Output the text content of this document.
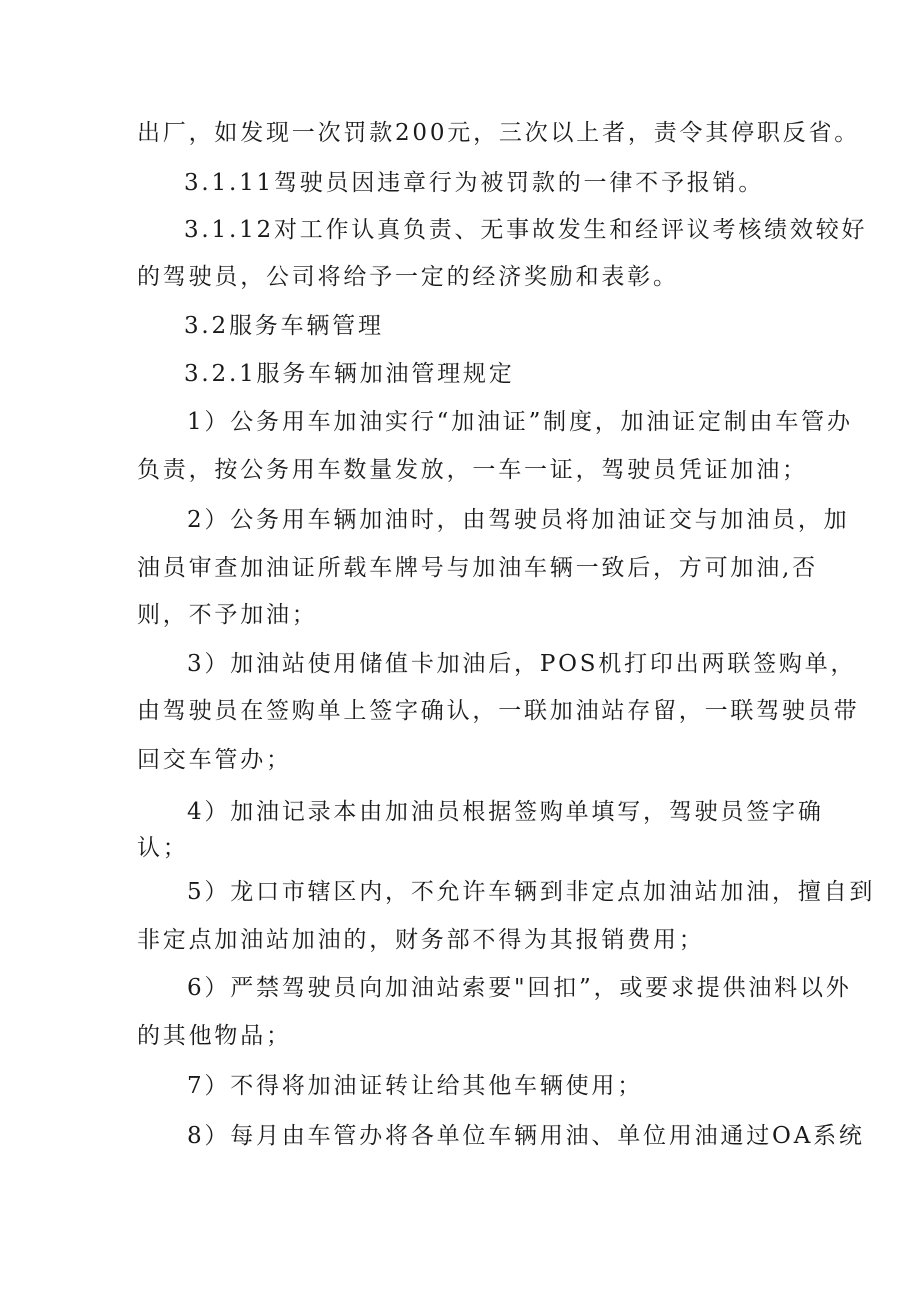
出厂，如发现一次罚款200元，三次以上者，责令其停职反省。
3.1.11驾驶员因违章行为被罚款的一律不予报销。
3.1.12对工作认真负责、无事故发生和经评议考核绩效较好
的驾驶员，公司将给予一定的经济奖励和表彰。
3.2服务车辆管理
3.2.1服务车辆加油管理规定
1）公务用车加油实行“加油证”制度，加油证定制由车管办
负责，按公务用车数量发放，一车一证，驾驶员凭证加油；
2）公务用车辆加油时，由驾驶员将加油证交与加油员，加
油员审查加油证所载车牌号与加油车辆一致后，方可加油,否
则，不予加油；
3）加油站使用储值卡加油后，POS机打印出两联签购单，
由驾驶员在签购单上签字确认，一联加油站存留，一联驾驶员带
回交车管办；
4）加油记录本由加油员根据签购单填写，驾驶员签字确
认；
5）龙口市辖区内，不允许车辆到非定点加油站加油，擅自到
非定点加油站加油的，财务部不得为其报销费用；
6）严禁驾驶员向加油站索要"回扣”，或要求提供油料以外
的其他物品；
7）不得将加油证转让给其他车辆使用；
8）每月由车管办将各单位车辆用油、单位用油通过OA系统
